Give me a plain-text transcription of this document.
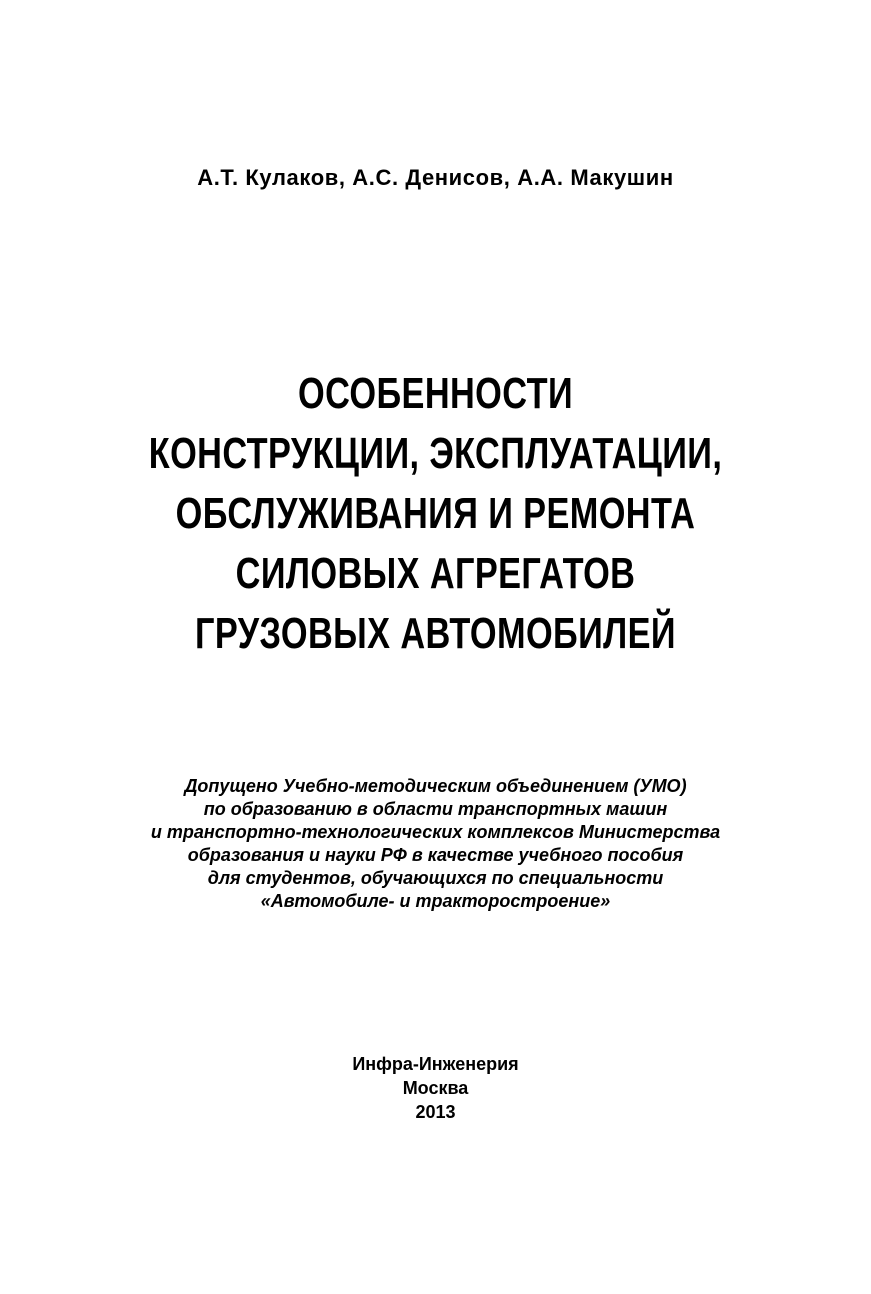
А.Т. Кулаков, А.С. Денисов, А.А. Макушин
ОСОБЕННОСТИ
КОНСТРУКЦИИ, ЭКСПЛУАТАЦИИ,
ОБСЛУЖИВАНИЯ И РЕМОНТА
СИЛОВЫХ АГРЕГАТОВ
ГРУЗОВЫХ АВТОМОБИЛЕЙ
Допущено Учебно-методическим объединением (УМО)
по образованию в области транспортных машин
и транспортно-технологических комплексов Министерства
образования и науки РФ в качестве учебного пособия
для студентов, обучающихся по специальности
«Автомобиле- и тракторостроение»
Инфра-Инженерия
Москва
2013
